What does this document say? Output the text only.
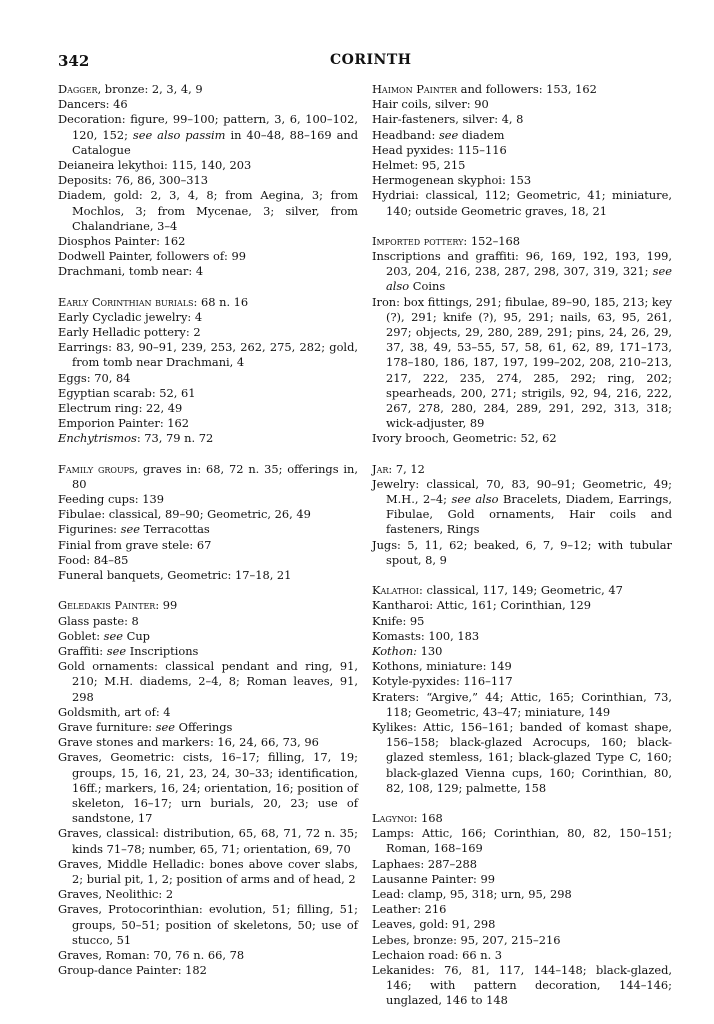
342	CORINTH
Dagger, bronze: 2, 3, 4, 9
Dancers: 46
Decoration: figure, 99–100; pattern, 3, 6, 100–102, 120, 152; see also passim in 40–48, 88–169 and Catalogue
Deianeira lekythoi: 115, 140, 203
Deposits: 76, 86, 300–313
Diadem, gold: 2, 3, 4, 8; from Aegina, 3; from Mochlos, 3; from Mycenae, 3; silver, from Chalandriane, 3–4
Diosphos Painter: 162
Dodwell Painter, followers of: 99
Drachmani, tomb near: 4
Early Corinthian burials: 68 n. 16
Early Cycladic jewelry: 4
Early Helladic pottery: 2
Earrings: 83, 90–91, 239, 253, 262, 275, 282; gold, from tomb near Drachmani, 4
Eggs: 70, 84
Egyptian scarab: 52, 61
Electrum ring: 22, 49
Emporion Painter: 162
Enchytrismos: 73, 79 n. 72
Family groups, graves in: 68, 72 n. 35; offerings in, 80
Feeding cups: 139
Fibulae: classical, 89–90; Geometric, 26, 49
Figurines: see Terracottas
Finial from grave stele: 67
Food: 84–85
Funeral banquets, Geometric: 17–18, 21
Geledakis Painter: 99
Glass paste: 8
Goblet: see Cup
Graffiti: see Inscriptions
Gold ornaments: classical pendant and ring, 91, 210; M.H. diadems, 2–4, 8; Roman leaves, 91, 298
Goldsmith, art of: 4
Grave furniture: see Offerings
Grave stones and markers: 16, 24, 66, 73, 96
Graves, Geometric: cists, 16–17; filling, 17, 19; groups, 15, 16, 21, 23, 24, 30–33; identification, 16ff.; markers, 16, 24; orientation, 16; position of skeleton, 16–17; urn burials, 20, 23; use of sandstone, 17
Graves, classical: distribution, 65, 68, 71, 72 n. 35; kinds 71–78; number, 65, 71; orientation, 69, 70
Graves, Middle Helladic: bones above cover slabs, 2; burial pit, 1, 2; position of arms and of head, 2
Graves, Neolithic: 2
Graves, Protocorinthian: evolution, 51; filling, 51; groups, 50–51; position of skeletons, 50; use of stucco, 51
Graves, Roman: 70, 76 n. 66, 78
Group-dance Painter: 182
Haimon Painter and followers: 153, 162
Hair coils, silver: 90
Hair-fasteners, silver: 4, 8
Headband: see diadem
Head pyxides: 115–116
Helmet: 95, 215
Hermogenean skyphoi: 153
Hydriai: classical, 112; Geometric, 41; miniature, 140; outside Geometric graves, 18, 21
Imported pottery: 152–168
Inscriptions and graffiti: 96, 169, 192, 193, 199, 203, 204, 216, 238, 287, 298, 307, 319, 321; see also Coins
Iron: box fittings, 291; fibulae, 89–90, 185, 213; key (?), 291; knife (?), 95, 291; nails, 63, 95, 261, 297; objects, 29, 280, 289, 291; pins, 24, 26, 29, 37, 38, 49, 53–55, 57, 58, 61, 62, 89, 171–173, 178–180, 186, 187, 197, 199–202, 208, 210–213, 217, 222, 235, 274, 285, 292; ring, 202; spearheads, 200, 271; strigils, 92, 94, 216, 222, 267, 278, 280, 284, 289, 291, 292, 313, 318; wick-adjuster, 89
Ivory brooch, Geometric: 52, 62
Jar: 7, 12
Jewelry: classical, 70, 83, 90–91; Geometric, 49; M.H., 2–4; see also Bracelets, Diadem, Earrings, Fibulae, Gold ornaments, Hair coils and fasteners, Rings
Jugs: 5, 11, 62; beaked, 6, 7, 9–12; with tubular spout, 8, 9
Kalathoi: classical, 117, 149; Geometric, 47
Kantharoi: Attic, 161; Corinthian, 129
Knife: 95
Komasts: 100, 183
Kothon: 130
Kothons, miniature: 149
Kotyle-pyxides: 116–117
Kraters: “Argive,” 44; Attic, 165; Corinthian, 73, 118; Geometric, 43–47; miniature, 149
Kylikes: Attic, 156–161; banded of komast shape, 156–158; black-glazed Acrocups, 160; black-glazed stemless, 161; black-glazed Type C, 160; black-glazed Vienna cups, 160; Corinthian, 80, 82, 108, 129; palmette, 158
Lagynoi: 168
Lamps: Attic, 166; Corinthian, 80, 82, 150–151; Roman, 168–169
Laphaes: 287–288
Lausanne Painter: 99
Lead: clamp, 95, 318; urn, 95, 298
Leather: 216
Leaves, gold: 91, 298
Lebes, bronze: 95, 207, 215–216
Lechaion road: 66 n. 3
Lekanides: 76, 81, 117, 144–148; black-glazed, 146; with pattern decoration, 144–146; unglazed, 146 to 148
